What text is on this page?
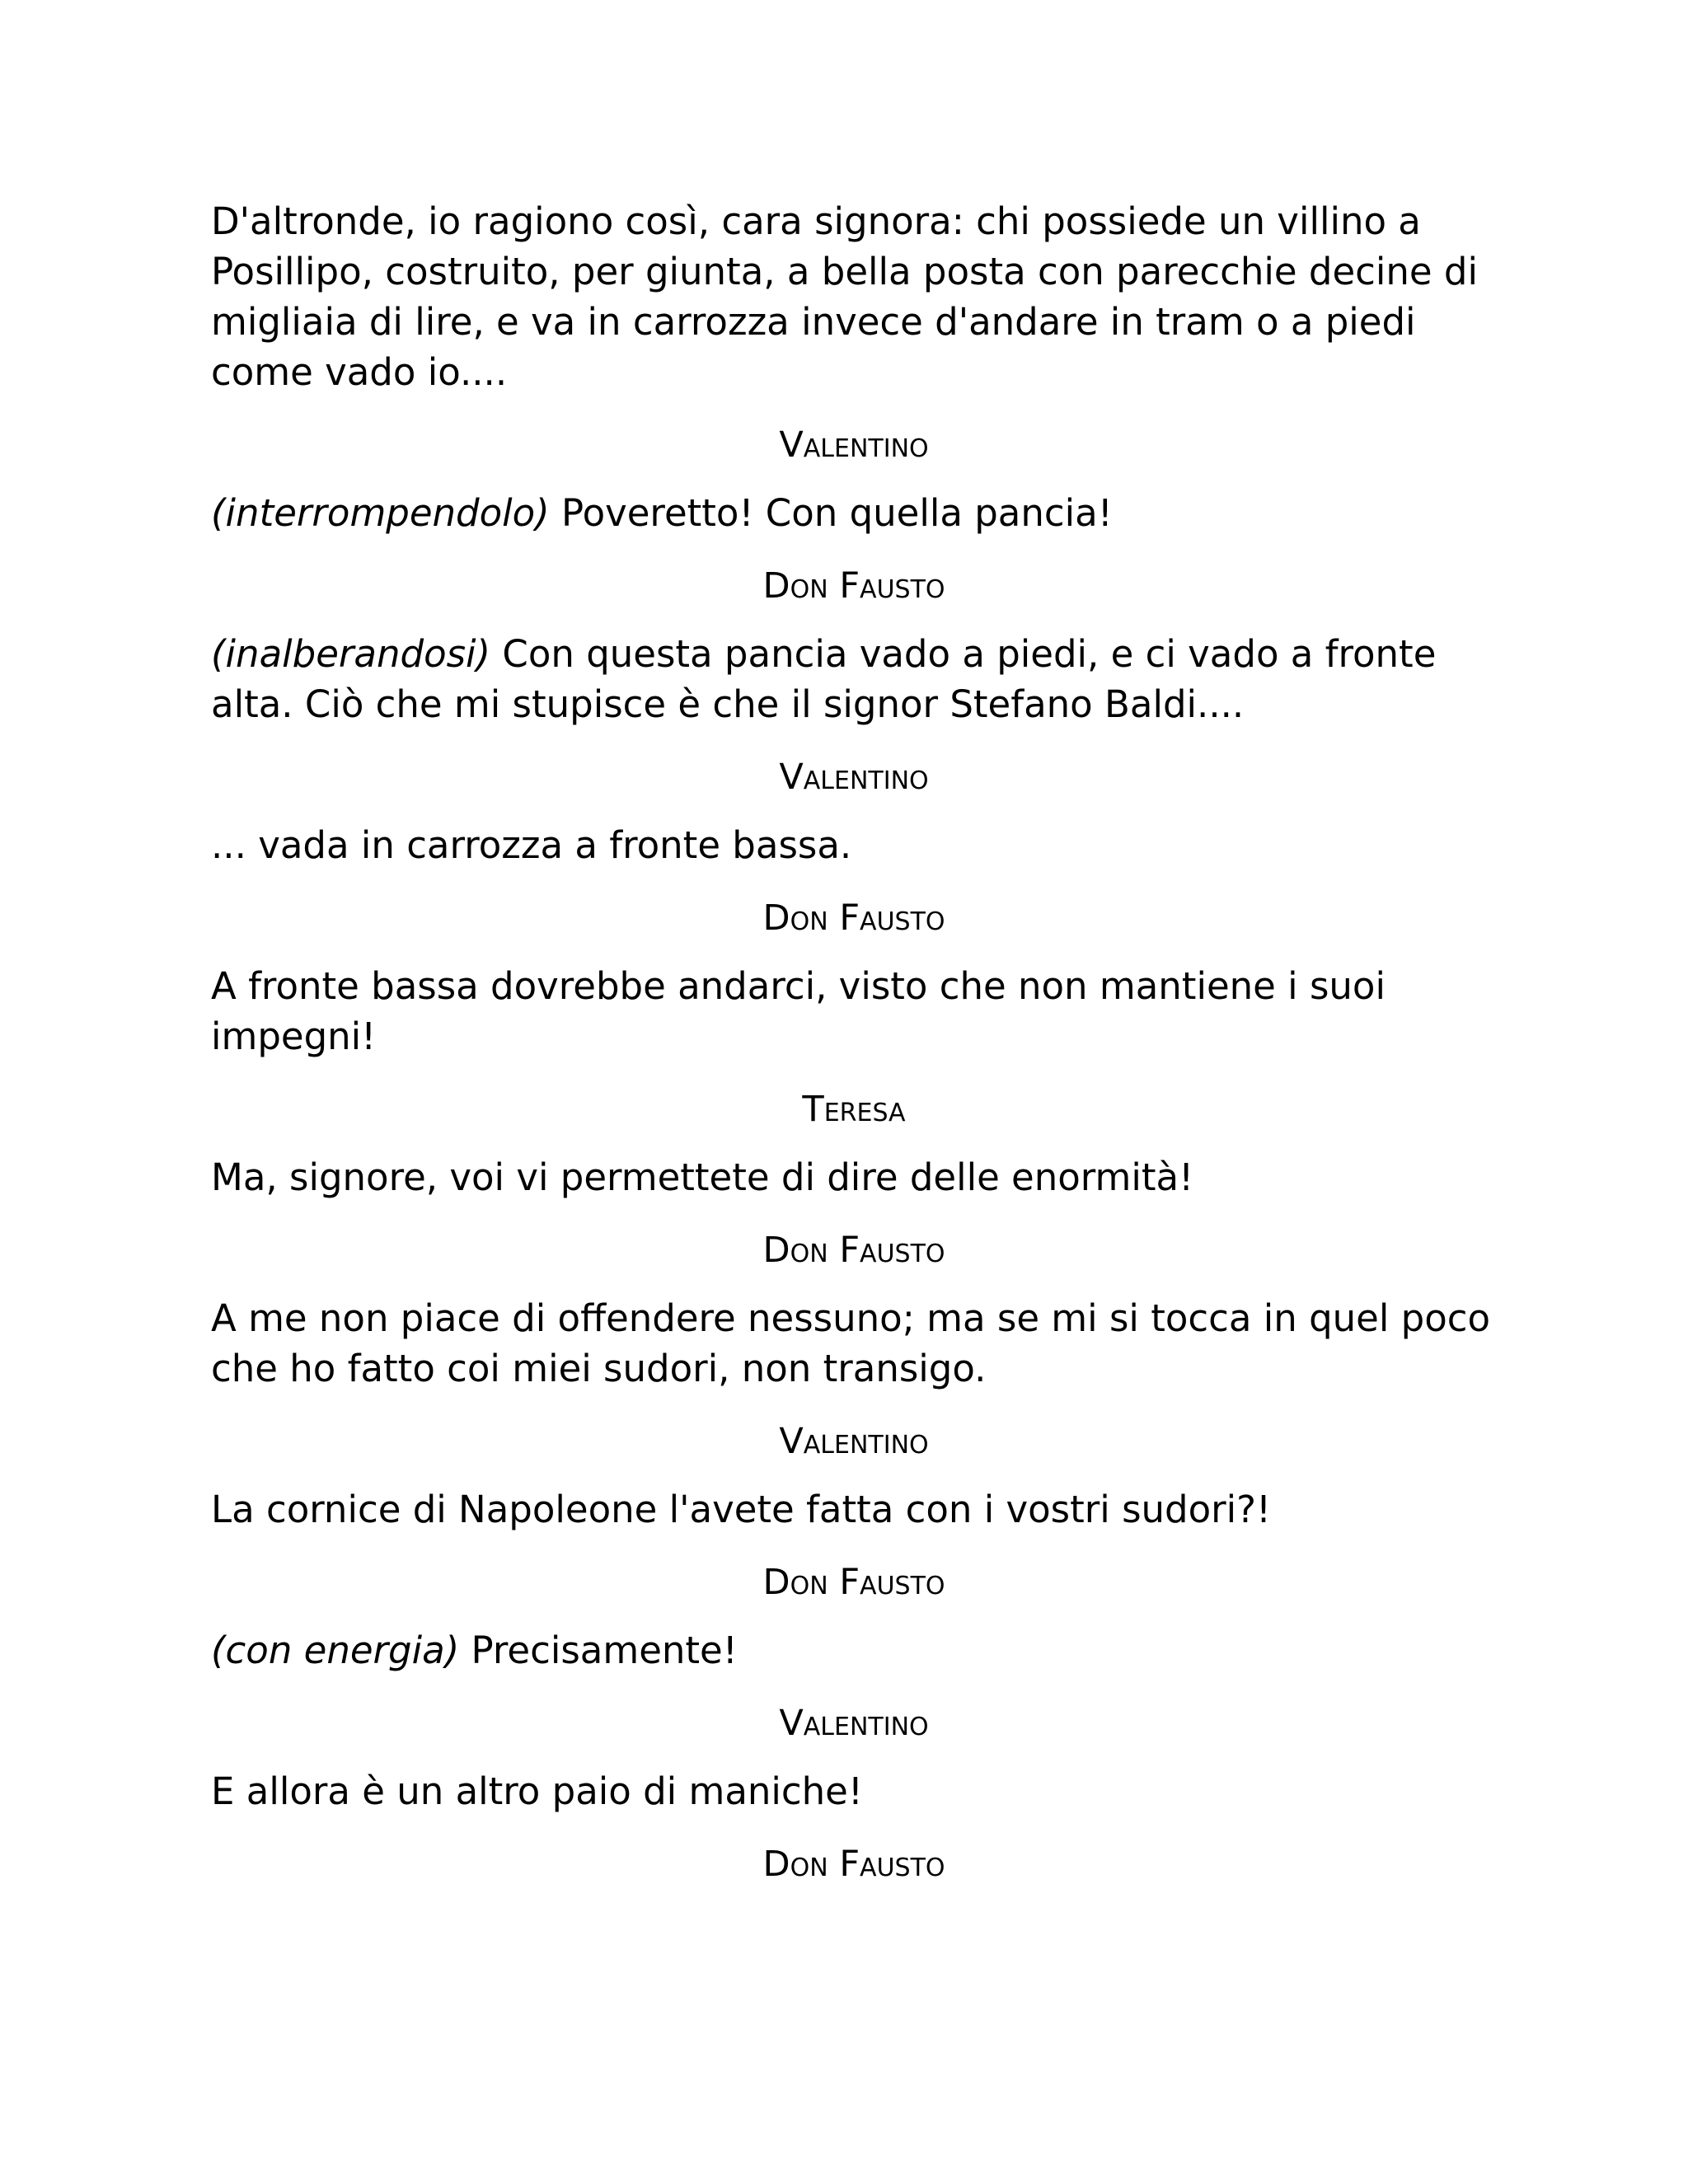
D'altronde, io ragiono così, cara signora: chi possiede un villino a Posillipo, costruito, per giunta, a bella posta con parecchie decine di migliaia di lire, e va in carrozza invece d'andare in tram o a piedi come vado io....

Valentino

(interrompendolo) Poveretto! Con quella pancia!

Don Fausto

(inalberandosi) Con questa pancia vado a piedi, e ci vado a fronte alta. Ciò che mi stupisce è che il signor Stefano Baldi....

Valentino

... vada in carrozza a fronte bassa.

Don Fausto

A fronte bassa dovrebbe andarci, visto che non mantiene i suoi impegni!

Teresa

Ma, signore, voi vi permettete di dire delle enormità!

Don Fausto

A me non piace di offendere nessuno; ma se mi si tocca in quel poco che ho fatto coi miei sudori, non transigo.

Valentino

La cornice di Napoleone l'avete fatta con i vostri sudori?!

Don Fausto

(con energia) Precisamente!

Valentino

E allora è un altro paio di maniche!

Don Fausto
